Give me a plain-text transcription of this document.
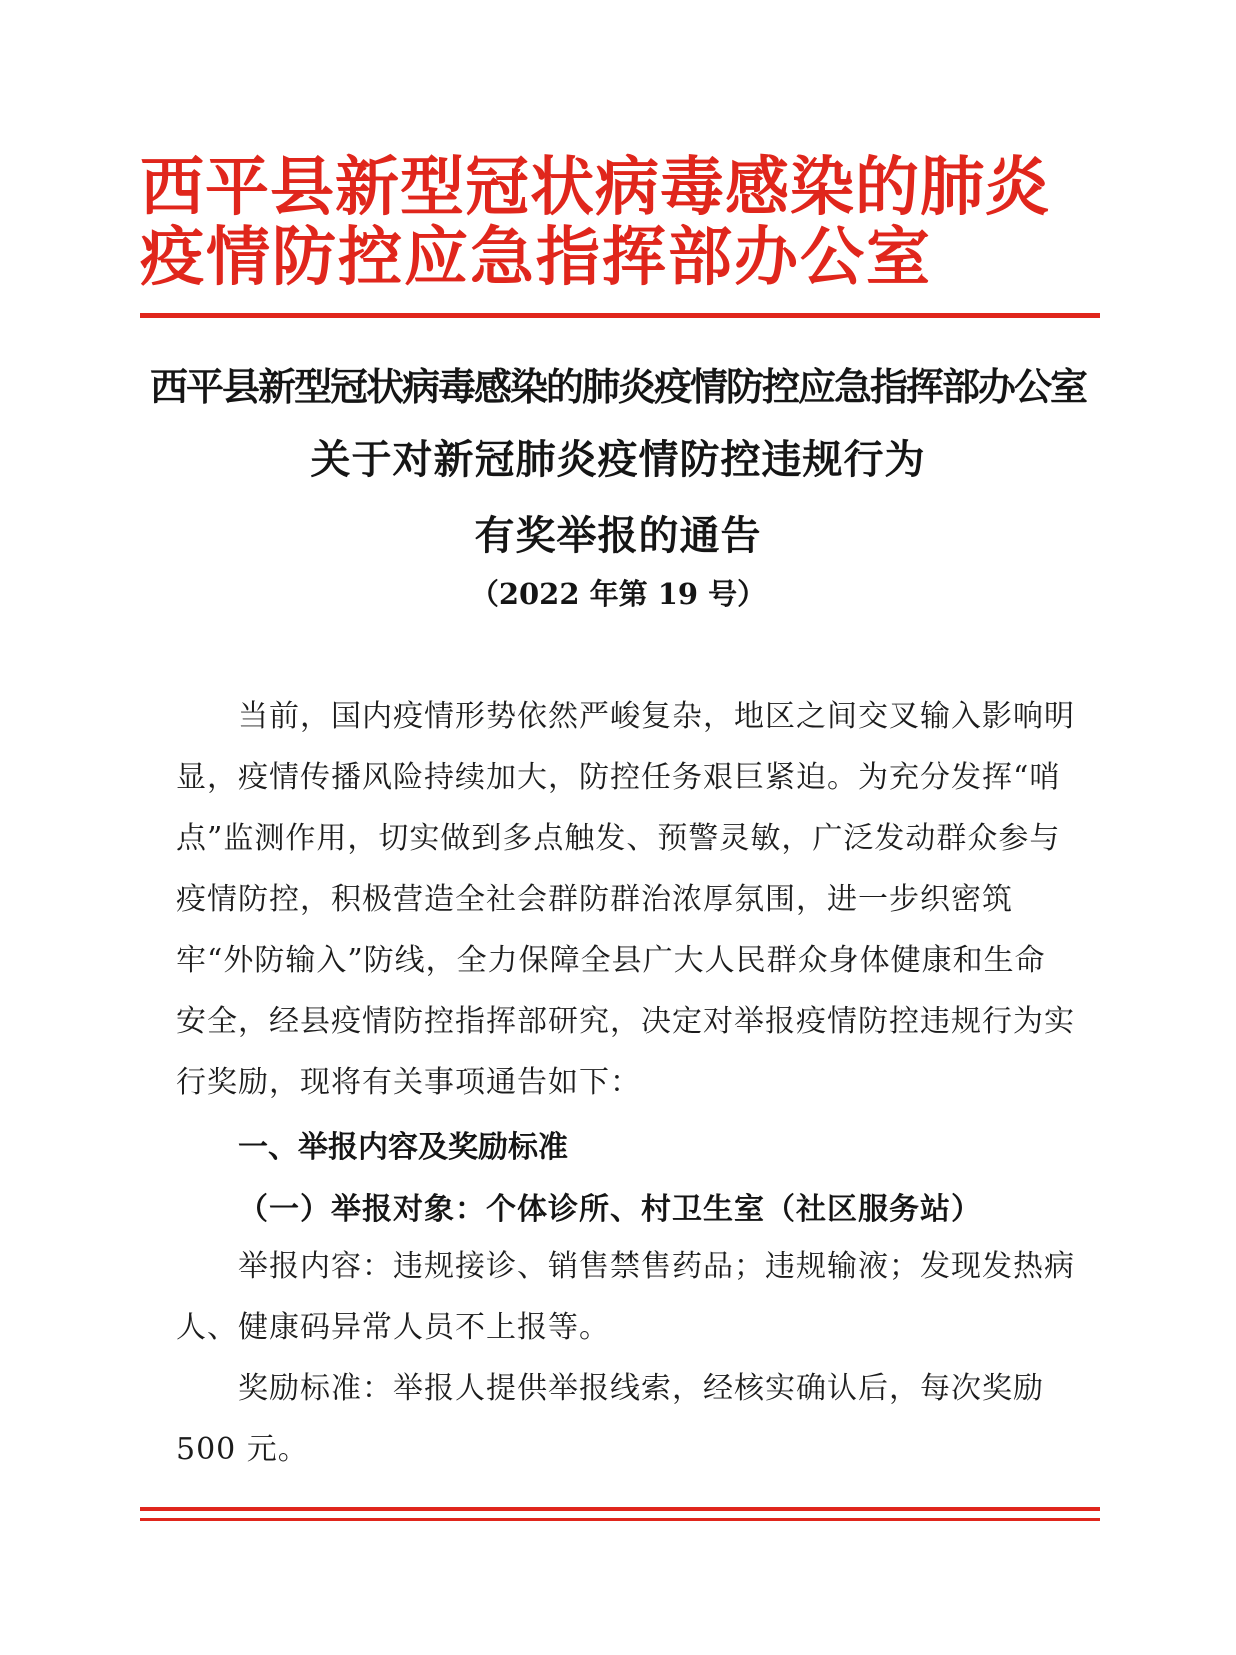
西平县新型冠状病毒感染的肺炎
疫情防控应急指挥部办公室
西平县新型冠状病毒感染的肺炎疫情防控应急指挥部办公室
关于对新冠肺炎疫情防控违规行为
有奖举报的通告
（2022 年第 19 号）

当前，国内疫情形势依然严峻复杂，地区之间交叉输入影响明显，疫情传播风险持续加大，防控任务艰巨紧迫。为充分发挥“哨点”监测作用，切实做到多点触发、预警灵敏，广泛发动群众参与疫情防控，积极营造全社会群防群治浓厚氛围，进一步织密筑牢“外防输入”防线，全力保障全县广大人民群众身体健康和生命安全，经县疫情防控指挥部研究，决定对举报疫情防控违规行为实行奖励，现将有关事项通告如下：

一、举报内容及奖励标准

（一）举报对象：个体诊所、村卫生室（社区服务站）

举报内容：违规接诊、销售禁售药品；违规输液；发现发热病人、健康码异常人员不上报等。

奖励标准：举报人提供举报线索，经核实确认后，每次奖励 500 元。
